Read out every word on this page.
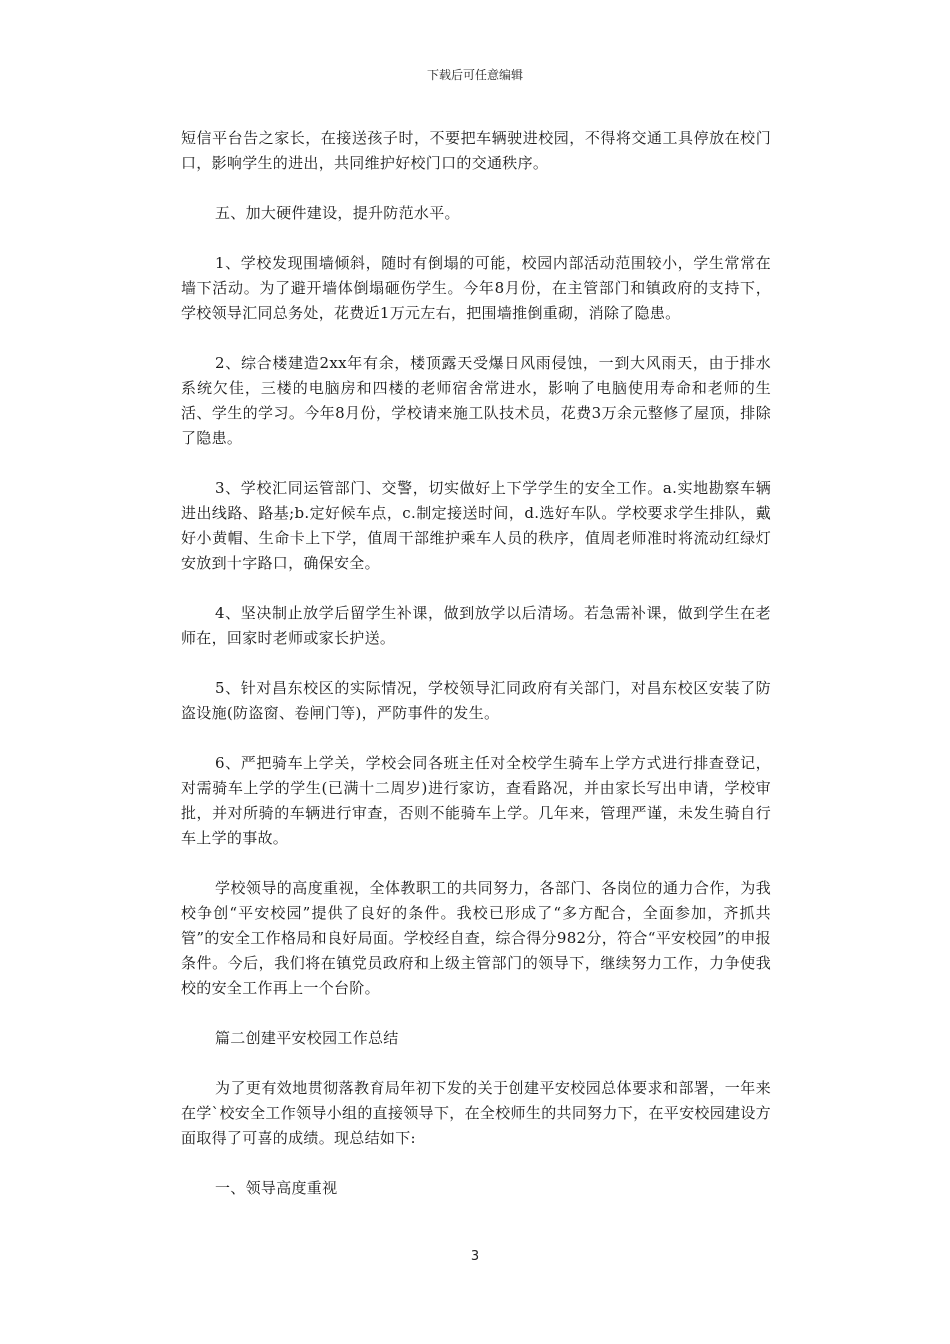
下载后可任意编辑

短信平台告之家长，在接送孩子时，不要把车辆驶进校园，不得将交通工具停放在校门口，影响学生的进出，共同维护好校门口的交通秩序。

五、加大硬件建设，提升防范水平。

1、学校发现围墙倾斜，随时有倒塌的可能，校园内部活动范围较小，学生常常在墙下活动。为了避开墙体倒塌砸伤学生。今年8月份，在主管部门和镇政府的支持下，学校领导汇同总务处，花费近1万元左右，把围墙推倒重砌，消除了隐患。

2、综合楼建造2xx年有余，楼顶露天受爆日风雨侵蚀，一到大风雨天，由于排水系统欠佳，三楼的电脑房和四楼的老师宿舍常进水，影响了电脑使用寿命和老师的生活、学生的学习。今年8月份，学校请来施工队技术员，花费3万余元整修了屋顶，排除了隐患。

3、学校汇同运管部门、交警，切实做好上下学学生的安全工作。a.实地勘察车辆进出线路、路基;b.定好候车点，c.制定接送时间，d.选好车队。学校要求学生排队，戴好小黄帽、生命卡上下学，值周干部维护乘车人员的秩序，值周老师准时将流动红绿灯安放到十字路口，确保安全。

4、坚决制止放学后留学生补课，做到放学以后清场。若急需补课，做到学生在老师在，回家时老师或家长护送。

5、针对昌东校区的实际情况，学校领导汇同政府有关部门，对昌东校区安装了防盗设施(防盗窗、卷闸门等)，严防事件的发生。

6、严把骑车上学关，学校会同各班主任对全校学生骑车上学方式进行排查登记，对需骑车上学的学生(已满十二周岁)进行家访，查看路况，并由家长写出申请，学校审批，并对所骑的车辆进行审查，否则不能骑车上学。几年来，管理严谨，未发生骑自行车上学的事故。

学校领导的高度重视，全体教职工的共同努力，各部门、各岗位的通力合作，为我校争创“平安校园”提供了良好的条件。我校已形成了“多方配合，全面参加，齐抓共管”的安全工作格局和良好局面。学校经自查，综合得分982分，符合“平安校园”的申报条件。今后，我们将在镇党员政府和上级主管部门的领导下，继续努力工作，力争使我校的安全工作再上一个台阶。

篇二创建平安校园工作总结

为了更有效地贯彻落教育局年初下发的关于创建平安校园总体要求和部署，一年来在学`校安全工作领导小组的直接领导下，在全校师生的共同努力下，在平安校园建设方面取得了可喜的成绩。现总结如下:

一、领导高度重视

3
